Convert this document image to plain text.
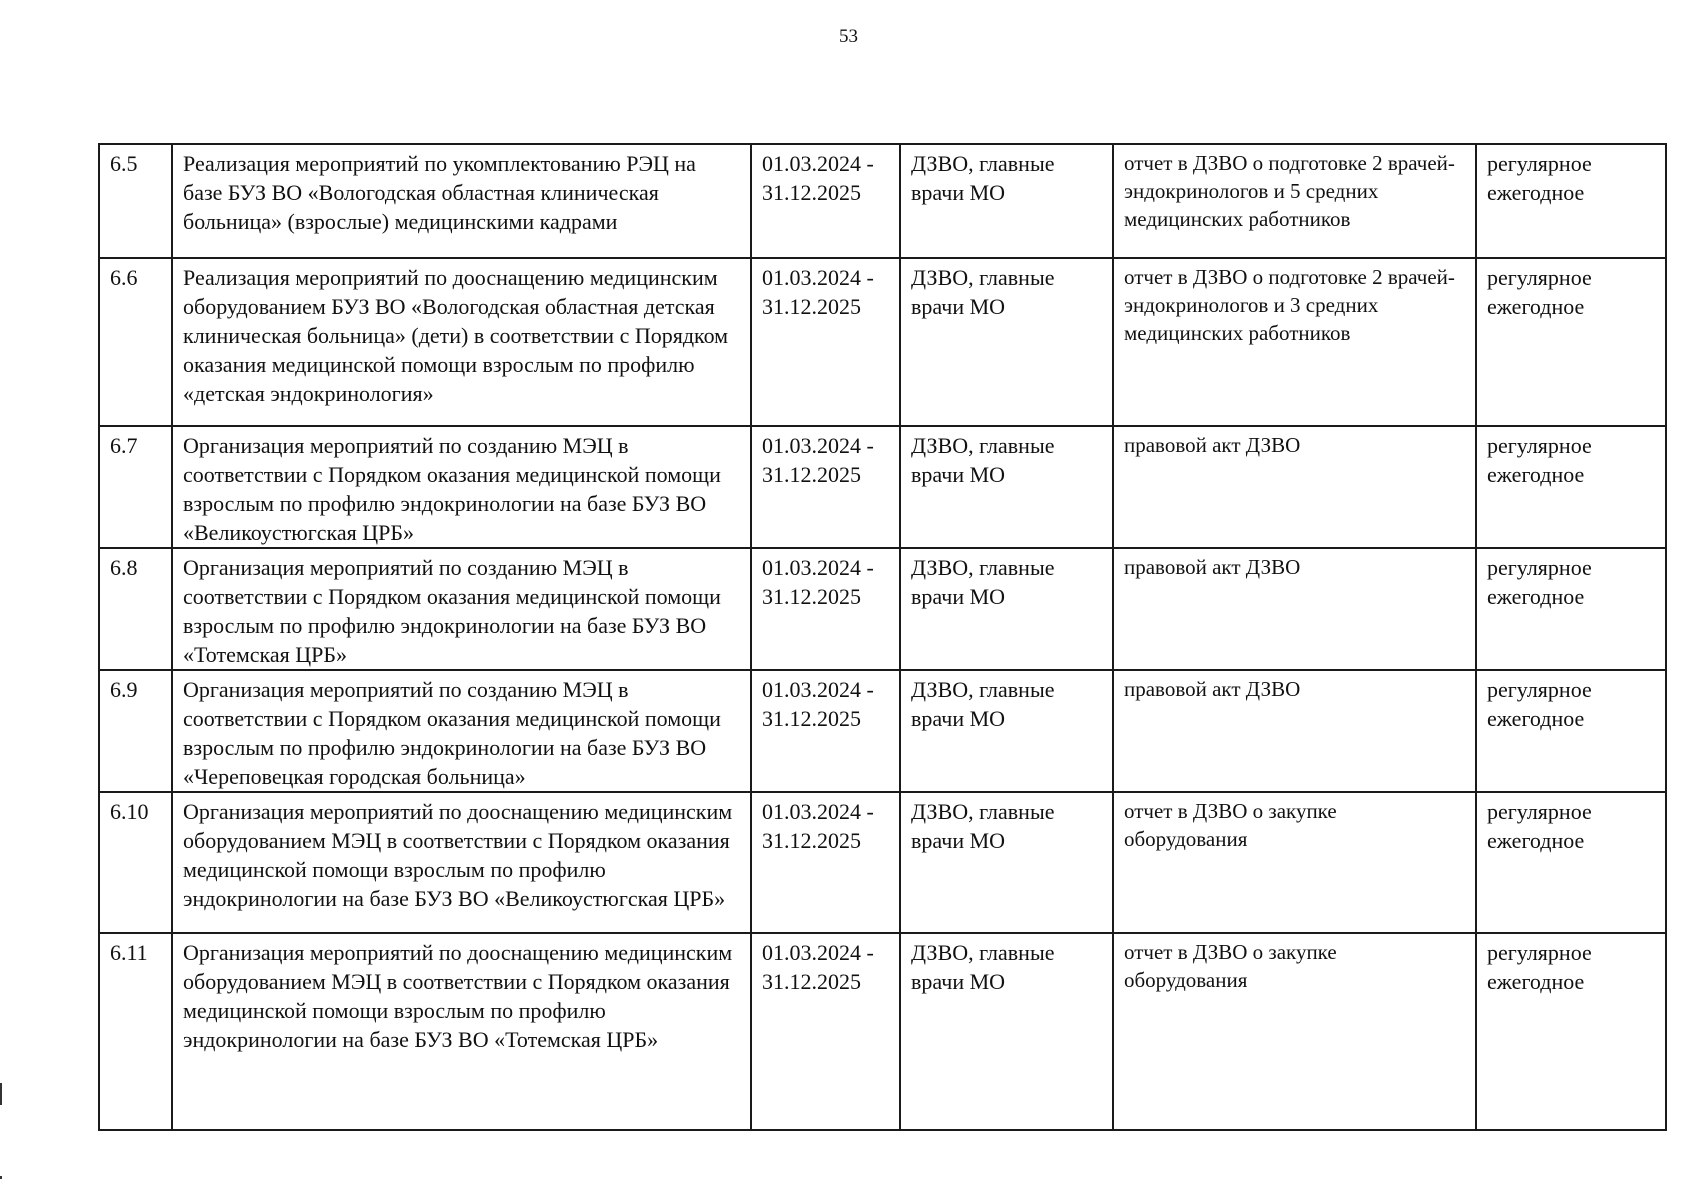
53
6.5	Реализация мероприятий по укомплектованию РЭЦ на базе БУЗ ВО «Вологодская областная клиническая больница» (взрослые) медицинскими кадрами	01.03.2024 - 31.12.2025	ДЗВО, главные врачи МО	отчет в ДЗВО о подготовке 2 врачей-эндокринологов и 5 средних медицинских работников	регулярное ежегодное
6.6	Реализация мероприятий по дооснащению медицинским оборудованием БУЗ ВО «Вологодская областная детская клиническая больница» (дети) в соответствии с Порядком оказания медицинской помощи взрослым по профилю «детская эндокринология»	01.03.2024 - 31.12.2025	ДЗВО, главные врачи МО	отчет в ДЗВО о подготовке 2 врачей-эндокринологов и 3 средних медицинских работников	регулярное ежегодное
6.7	Организация мероприятий по созданию МЭЦ в соответствии с Порядком оказания медицинской помощи взрослым по профилю эндокринологии на базе БУЗ ВО «Великоустюгская ЦРБ»	01.03.2024 - 31.12.2025	ДЗВО, главные врачи МО	правовой акт ДЗВО	регулярное ежегодное
6.8	Организация мероприятий по созданию МЭЦ в соответствии с Порядком оказания медицинской помощи взрослым по профилю эндокринологии на базе БУЗ ВО «Тотемская ЦРБ»	01.03.2024 - 31.12.2025	ДЗВО, главные врачи МО	правовой акт ДЗВО	регулярное ежегодное
6.9	Организация мероприятий по созданию МЭЦ в соответствии с Порядком оказания медицинской помощи взрослым по профилю эндокринологии на базе БУЗ ВО «Череповецкая городская больница»	01.03.2024 - 31.12.2025	ДЗВО, главные врачи МО	правовой акт ДЗВО	регулярное ежегодное
6.10	Организация мероприятий по дооснащению медицинским оборудованием МЭЦ в соответствии с Порядком оказания медицинской помощи взрослым по профилю эндокринологии на базе БУЗ ВО «Великоустюгская ЦРБ»	01.03.2024 - 31.12.2025	ДЗВО, главные врачи МО	отчет в ДЗВО о закупке оборудования	регулярное ежегодное
6.11	Организация мероприятий по дооснащению медицинским оборудованием МЭЦ в соответствии с Порядком оказания медицинской помощи взрослым по профилю эндокринологии на базе БУЗ ВО «Тотемская ЦРБ»	01.03.2024 - 31.12.2025	ДЗВО, главные врачи МО	отчет в ДЗВО о закупке оборудования	регулярное ежегодное
